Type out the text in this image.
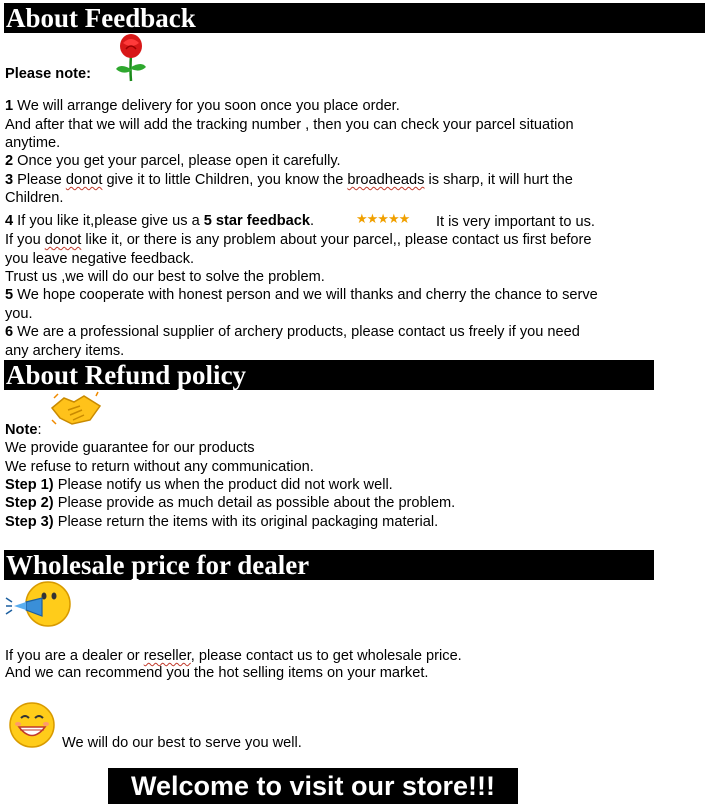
About Feedback
Please note:
1 We will arrange delivery for you soon once you place order.
And after that we will add the tracking number , then you can check your parcel situation
anytime.
2 Once you get your parcel, please open it carefully.
3 Please donot give it to little Children, you know the broadheads is sharp, it will hurt the
Children.
4 If you like it,please give us a 5 star feedback.	★★★★★ It is very important to us.
If you donot like it, or there is any problem about your parcel,, please contact us first before
you leave negative feedback.
Trust us ,we will do our best to solve the problem.
5 We hope cooperate with honest person and we will thanks and cherry the chance to serve
you.
6 We are a professional supplier of archery products, please contact us freely if you need
any archery items.
About Refund policy
Note:
We provide guarantee for our products
We refuse to return without any communication.
Step 1) Please notify us when the product did not work well.
Step 2) Please provide as much detail as possible about the problem.
Step 3) Please return the items with its original packaging material.
Wholesale price for dealer
If you are a dealer or reseller, please contact us to get wholesale price.
And we can recommend you the hot selling items on your market.
We will do our best to serve you well.
Welcome to visit our store!!!
